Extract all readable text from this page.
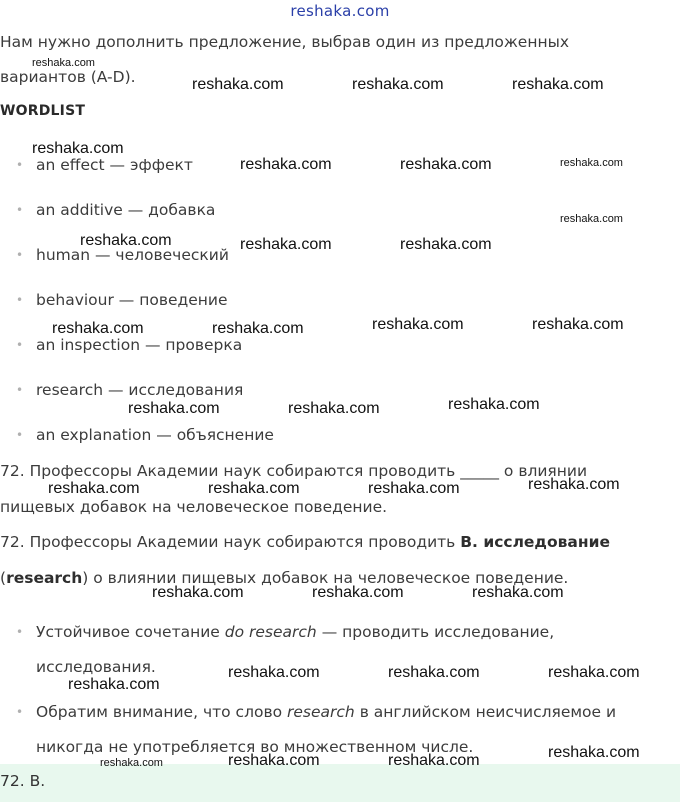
reshaka.com
Нам нужно дополнить предложение, выбрав один из предложенных
вариантов (A-D).
WORDLIST
• an effect — эффект
• an additive — добавка
• human — человеческий
• behaviour — поведение
• an inspection — проверка
• research — исследования
• an explanation — объяснение
72. Профессоры Академии наук собираются проводить _____ о влиянии
пищевых добавок на человеческое поведение.
72. Профессоры Академии наук собираются проводить B. исследование
(research) о влиянии пищевых добавок на человеческое поведение.
• Устойчивое сочетание do research — проводить исследование,
исследования.
• Обратим внимание, что слово research в английском неисчисляемое и
никогда не употребляется во множественном числе.
72. B.
reshaka.com
reshaka.com	reshaka.com	reshaka.com
reshaka.com
reshaka.com	reshaka.com	reshaka.com
reshaka.com
reshaka.com	reshaka.com	reshaka.com
reshaka.com	reshaka.com	reshaka.com	reshaka.com
reshaka.com	reshaka.com	reshaka.com
reshaka.com	reshaka.com	reshaka.com	reshaka.com
reshaka.com	reshaka.com	reshaka.com
reshaka.com	reshaka.com	reshaka.com
reshaka.com
reshaka.com
reshaka.com	reshaka.com	reshaka.com
